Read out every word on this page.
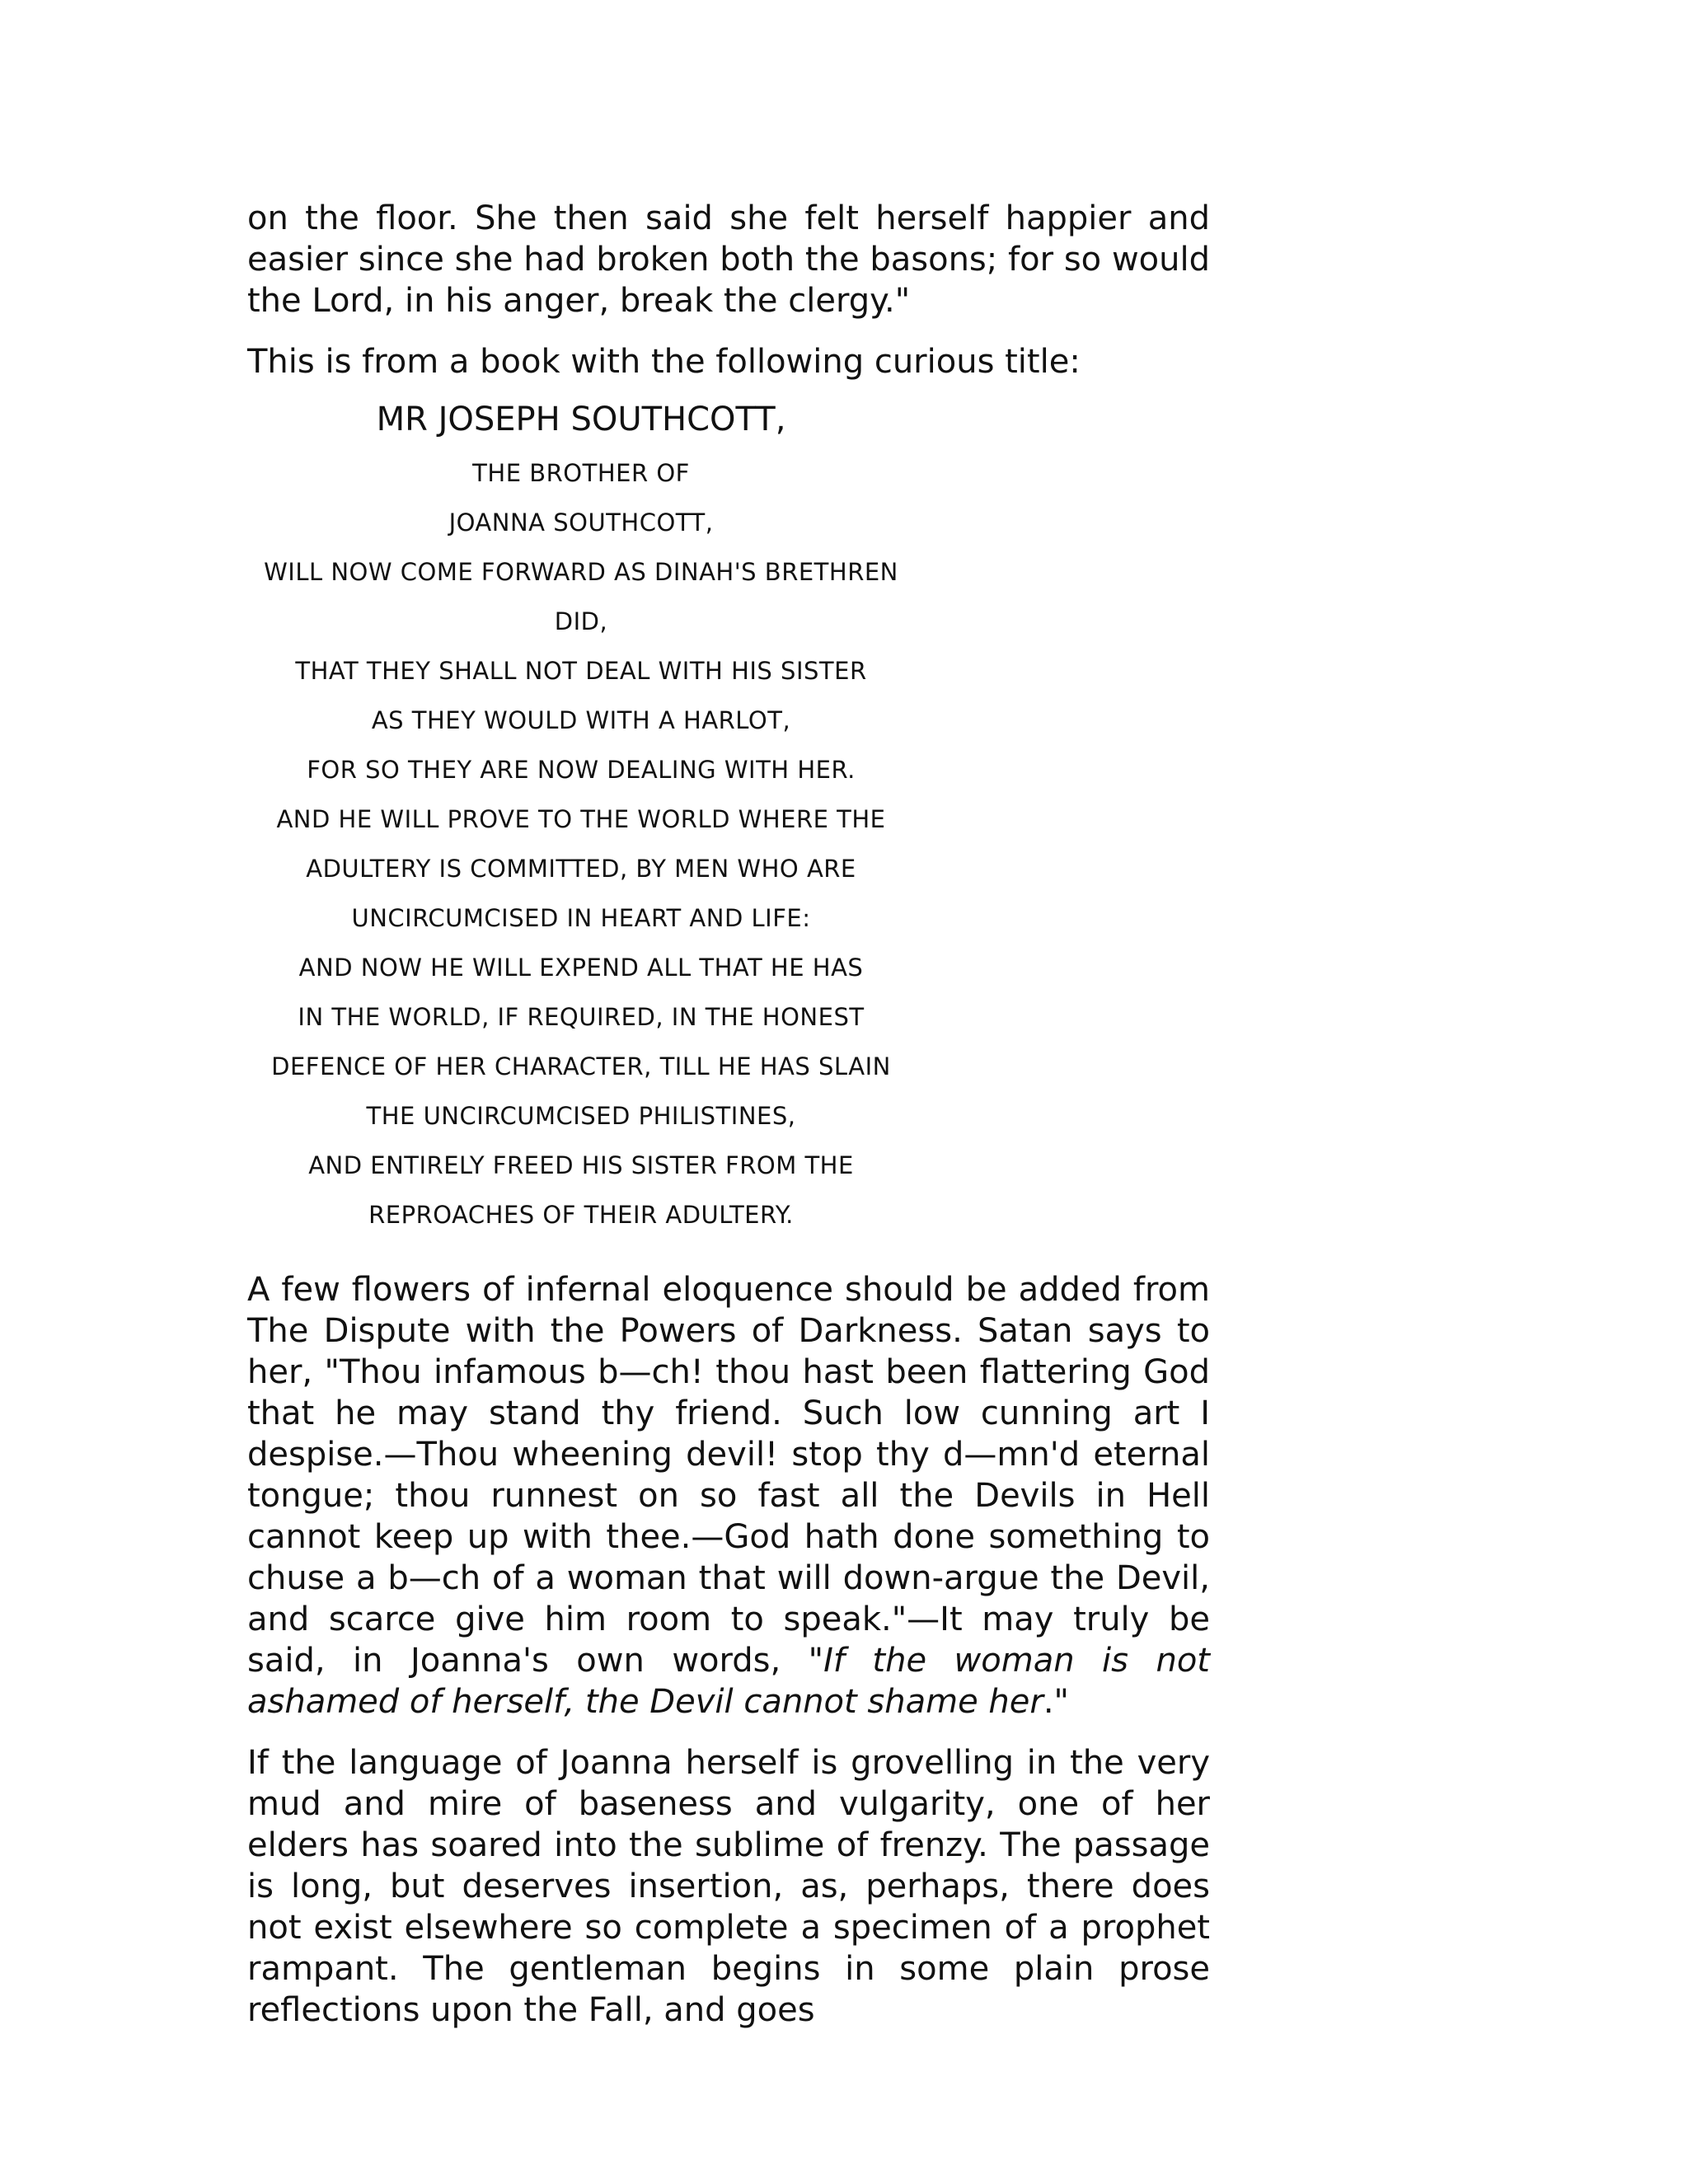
on the floor. She then said she felt herself happier and easier since she had broken both the basons; for so would the Lord, in his anger, break the clergy."

This is from a book with the following curious title:

MR JOSEPH SOUTHCOTT,
THE BROTHER OF
JOANNA SOUTHCOTT,
WILL NOW COME FORWARD AS DINAH'S BRETHREN DID,
THAT THEY SHALL NOT DEAL WITH HIS SISTER
AS THEY WOULD WITH A HARLOT,
FOR SO THEY ARE NOW DEALING WITH HER.
AND HE WILL PROVE TO THE WORLD WHERE THE
ADULTERY IS COMMITTED, BY MEN WHO ARE
UNCIRCUMCISED IN HEART AND LIFE:
AND NOW HE WILL EXPEND ALL THAT HE HAS
IN THE WORLD, IF REQUIRED, IN THE HONEST
DEFENCE OF HER CHARACTER, TILL HE HAS SLAIN
THE UNCIRCUMCISED PHILISTINES,
AND ENTIRELY FREED HIS SISTER FROM THE
REPROACHES OF THEIR ADULTERY.

A few flowers of infernal eloquence should be added from The Dispute with the Powers of Darkness. Satan says to her, "Thou infamous b—ch! thou hast been flattering God that he may stand thy friend. Such low cunning art I despise.—Thou wheening devil! stop thy d—mn'd eternal tongue; thou runnest on so fast all the Devils in Hell cannot keep up with thee.—God hath done something to chuse a b—ch of a woman that will down-argue the Devil, and scarce give him room to speak."—It may truly be said, in Joanna's own words, "If the woman is not ashamed of herself, the Devil cannot shame her."

If the language of Joanna herself is grovelling in the very mud and mire of baseness and vulgarity, one of her elders has soared into the sublime of frenzy. The passage is long, but deserves insertion, as, perhaps, there does not exist elsewhere so complete a specimen of a prophet rampant. The gentleman begins in some plain prose reflections upon the Fall, and goes
